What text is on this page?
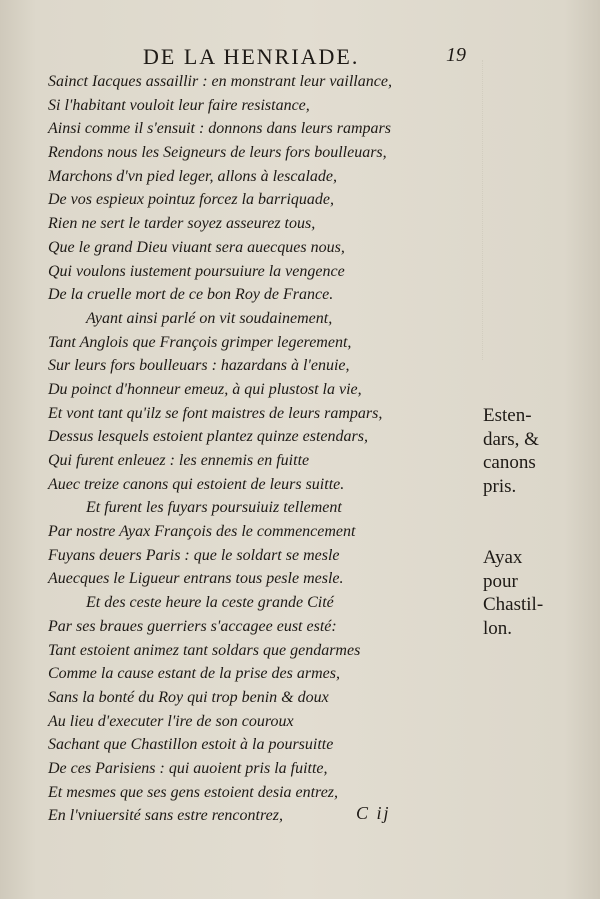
DE LA HENRIADE.	19
Sainct Iacques assaillir : en monstrant leur vaillance,
Si l'habitant vouloit leur faire resistance,
Ainsi comme il s'ensuit : donnons dans leurs rampars
Rendons nous les Seigneurs de leurs fors boulleuars,
Marchons d'vn pied leger, allons à lescalade,
De vos espieux pointuz forcez la barriquade,
Rien ne sert le tarder soyez asseurez tous,
Que le grand Dieu viuant sera auecques nous,
Qui voulons iustement poursuiure la vengence
De la cruelle mort de ce bon Roy de France.
Ayant ainsi parlé on vit soudainement,
Tant Anglois que François grimper legerement,
Sur leurs fors boulleuars : hazardans à l'enuie,
Du poinct d'honneur emeuz, à qui plustost la vie,
Et vont tant qu'ilz se font maistres de leurs rampars,
Dessus lesquels estoient plantez quinze estendars,
Qui furent enleuez : les ennemis en fuitte
Auec treize canons qui estoient de leurs suitte.
Et furent les fuyars poursuiuiz tellement
Par nostre Ayax François des le commencement
Fuyans deuers Paris : que le soldart se mesle
Auecques le Ligueur entrans tous pesle mesle.
Et des ceste heure la ceste grande Cité
Par ses braues guerriers s'accagee eust esté:
Tant estoient animez tant soldars que gendarmes
Comme la cause estant de la prise des armes,
Sans la bonté du Roy qui trop benin & doux
Au lieu d'executer l'ire de son couroux
Sachant que Chastillon estoit à la poursuitte
De ces Parisiens : qui auoient pris la fuitte,
Et mesmes que ses gens estoient desia entrez,
En l'vniuersité sans estre rencontrez,
Esten-
dars, &
canons
pris.
Ayax
pour
Chastil-
lon.
C ij
